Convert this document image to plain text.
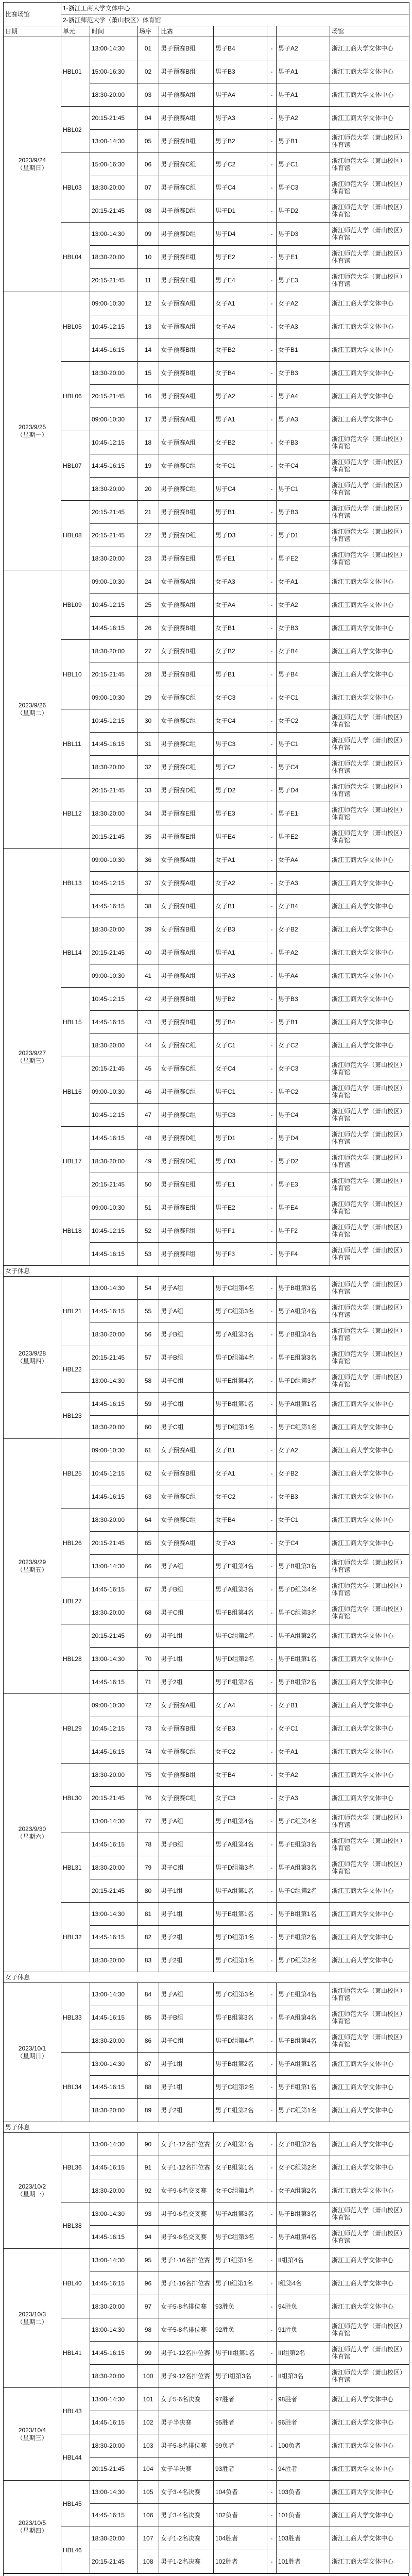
比赛场馆	1-浙江工商大学文体中心							
	2-浙江师范大学（萧山校区）体育馆							
日期	单元	时间	场序	比赛				场馆

2023/9/24
（星期日）	HBL01	13:00-14:30	01	男子预赛B组	男子B4	-	男子A2	浙江工商大学文体中心
		15:00-16:30	02	男子预赛B组	男子B3	-	男子A1	浙江工商大学文体中心
		18:30-20:00	03	男子预赛A组	男子A4	-	男子A1	浙江工商大学文体中心
	HBL02	20:15-21:45	04	男子预赛A组	男子A3	-	男子A2	浙江工商大学文体中心
		13:00-14:30	05	男子预赛B组	男子B2	-	男子B1	浙江师范大学（萧山校区）体育馆
	HBL03	15:00-16:30	06	男子预赛C组	男子C2	-	男子C1	浙江师范大学（萧山校区）体育馆
		18:30-20:00	07	男子预赛C组	男子C4	-	男子C3	浙江师范大学（萧山校区）体育馆
		20:15-21:45	08	男子预赛D组	男子D1	-	男子D2	浙江师范大学（萧山校区）体育馆
	HBL04	13:00-14:30	09	男子预赛D组	男子D4	-	男子D3	浙江师范大学（萧山校区）体育馆
		18:30-20:00	10	男子预赛E组	男子E2	-	男子E1	浙江师范大学（萧山校区）体育馆
		20:15-21:45	11	男子预赛E组	男子E4	-	男子E3	浙江师范大学（萧山校区）体育馆

2023/9/25
（星期一）	HBL05	09:00-10:30	12	女子预赛A组	女子A1	-	女子A2	浙江工商大学文体中心
		10:45-12:15	13	女子预赛A组	女子A4	-	女子A3	浙江工商大学文体中心
		14:45-16:15	14	女子预赛B组	女子B2	-	女子B1	浙江工商大学文体中心
	HBL06	18:30-20:00	15	女子预赛B组	女子B4	-	女子B3	浙江工商大学文体中心
		20:15-21:45	16	男子预赛A组	男子A2	-	男子A4	浙江工商大学文体中心
		09:00-10:30	17	男子预赛A组	男子A1	-	男子A3	浙江工商大学文体中心
	HBL07	10:45-12:15	18	女子预赛A组	女子B2	-	女子B3	浙江师范大学（萧山校区）体育馆
		14:45-16:15	19	女子预赛C组	女子C1	-	女子C4	浙江师范大学（萧山校区）体育馆
		18:30-20:00	20	男子预赛C组	男子C4	-	男子C1	浙江师范大学（萧山校区）体育馆
	HBL08	20:15-21:45	21	男子预赛B组	男子B1	-	男子B3	浙江师范大学（萧山校区）体育馆
		20:15-21:45	22	男子预赛D组	男子D3	-	男子D1	浙江师范大学（萧山校区）体育馆
		18:30-20:00	23	男子预赛E组	男子E1	-	男子E2	浙江师范大学（萧山校区）体育馆

2023/9/26
（星期二）	HBL09	09:00-10:30	24	女子预赛A组	女子A3	-	女子A1	浙江工商大学文体中心
		10:45-12:15	25	女子预赛A组	女子A4	-	女子A2	浙江工商大学文体中心
		14:45-16:15	26	女子预赛B组	女子B1	-	女子B3	浙江工商大学文体中心
	HBL10	18:30-20:00	27	女子预赛B组	女子B2	-	女子B4	浙江工商大学文体中心
		20:15-21:45	28	男子预赛B组	男子B1	-	男子B4	浙江工商大学文体中心
		09:00-10:30	29	女子预赛C组	女子C3	-	女子C1	浙江工商大学文体中心
	HBL11	10:45-12:15	30	女子预赛C组	女子C4	-	女子C2	浙江师范大学（萧山校区）体育馆
		14:45-16:15	31	男子预赛C组	男子C3	-	男子C1	浙江师范大学（萧山校区）体育馆
		18:30-20:00	32	男子预赛C组	男子C2	-	男子C4	浙江师范大学（萧山校区）体育馆
	HBL12	20:15-21:45	33	男子预赛D组	男子D2	-	男子D4	浙江师范大学（萧山校区）体育馆
		18:30-20:00	34	男子预赛E组	男子E3	-	男子E1	浙江师范大学（萧山校区）体育馆
		20:15-21:45	35	男子预赛E组	男子E4	-	男子E2	浙江师范大学（萧山校区）体育馆

2023/9/27
（星期三）	HBL13	09:00-10:30	36	女子预赛A组	女子A1	-	女子A4	浙江工商大学文体中心
		10:45-12:15	37	女子预赛A组	女子A2	-	女子A3	浙江工商大学文体中心
		14:45-16:15	38	女子预赛B组	女子B1	-	女子B4	浙江工商大学文体中心
	HBL14	18:30-20:00	39	女子预赛B组	女子B3	-	女子B2	浙江工商大学文体中心
		20:15-21:45	40	男子预赛A组	男子A1	-	男子A2	浙江工商大学文体中心
		09:00-10:30	41	男子预赛A组	男子A3	-	男子A4	浙江工商大学文体中心
	HBL15	10:45-12:15	42	男子预赛B组	男子B2	-	男子B3	浙江工商大学文体中心
		14:45-16:15	43	男子预赛B组	男子B4	-	男子B1	浙江工商大学文体中心
		18:30-20:00	44	女子预赛C组	女子C1	-	女子C2	浙江工商大学文体中心
	HBL16	20:15-21:45	45	女子预赛C组	女子C4	-	女子C3	浙江师范大学（萧山校区）体育馆
		09:00-10:30	46	男子预赛C组	男子C1	-	男子C2	浙江师范大学（萧山校区）体育馆
		10:45-12:15	47	男子预赛C组	男子C3	-	男子C4	浙江师范大学（萧山校区）体育馆
	HBL17	14:45-16:15	48	男子预赛D组	男子D1	-	男子D4	浙江师范大学（萧山校区）体育馆
		18:30-20:00	49	男子预赛D组	男子D3	-	男子D2	浙江师范大学（萧山校区）体育馆
		20:15-21:45	50	男子预赛E组	男子E1	-	男子E3	浙江师范大学（萧山校区）体育馆
	HBL18	09:00-10:30	51	男子预赛E组	男子E2	-	男子E4	浙江师范大学（萧山校区）体育馆
		10:45-12:15	52	男子预赛F组	男子F1	-	男子F2	浙江师范大学（萧山校区）体育馆
		14:45-16:15	53	男子预赛F组	男子F3	-	男子F4	浙江师范大学（萧山校区）体育馆
女子休息								

2023/9/28
（星期四）	HBL21	13:00-14:30	54	男子A组	男子C组第4名	-	男子B组第3名	浙江师范大学（萧山校区）体育馆
		14:45-16:15	55	男子A组	男子C组第3名	-	男子A组第4名	浙江师范大学（萧山校区）体育馆
		18:30-20:00	56	男子B组	男子A组第3名	-	男子B组第4名	浙江师范大学（萧山校区）体育馆
	HBL22	20:15-21:45	57	男子B组	男子D组第4名	-	男子E组第3名	浙江师范大学（萧山校区）体育馆
		13:00-14:30	58	男子C组	男子E组第4名	-	男子D组第3名	浙江师范大学（萧山校区）体育馆
	HBL23	14:45-16:15	59	男子C组	男子B组第1名	-	男子A组第1名	浙江工商大学文体中心
		18:30-20:00	60	男子C组	男子D组第1名	-	男子C组第1名	浙江工商大学文体中心

2023/9/29
（星期五）	HBL25	09:00-10:30	61	女子预赛A组	女子B1	-	女子A2	浙江工商大学文体中心
		10:45-12:15	62	女子预赛B组	女子A1	-	女子B2	浙江工商大学文体中心
		14:45-16:15	63	女子预赛C组	女子C2	-	女子B3	浙江工商大学文体中心
	HBL26	18:30-20:00	64	女子预赛C组	女子B4	-	女子C1	浙江工商大学文体中心
		20:15-21:45	65	女子预赛A组	女子A3	-	女子C4	浙江工商大学文体中心
		13:00-14:30	66	男子A组	男子E组第4名	-	男子B组第3名	浙江师范大学（萧山校区）体育馆
	HBL27	14:45-16:15	67	男子B组	男子A组第3名	-	男子D组第4名	浙江师范大学（萧山校区）体育馆
		18:30-20:00	68	男子C组	男子B组第4名	-	男子C组第3名	浙江师范大学（萧山校区）体育馆
	HBL28	20:15-21:45	69	男子1组	男子C组第2名	-	男子A组第2名	浙江工商大学文体中心
		13:00-14:30	70	男子1组	男子D组第2名	-	男子E组第1名	浙江工商大学文体中心
		14:45-16:15	71	男子2组	男子E组第2名	-	男子B组第2名	浙江工商大学文体中心

2023/9/30
（星期六）	HBL29	09:00-10:30	72	女子预赛A组	女子A4	-	女子B1	浙江工商大学文体中心
		10:45-12:15	73	女子预赛B组	女子B3	-	女子C1	浙江工商大学文体中心
		14:45-16:15	74	女子预赛C组	女子C2	-	女子A1	浙江工商大学文体中心
	HBL30	18:30-20:00	75	女子预赛B组	女子B4	-	女子A2	浙江工商大学文体中心
		20:15-21:45	76	女子预赛C组	女子C3	-	女子A3	浙江工商大学文体中心
		13:00-14:30	77	男子A组	男子B组第4名	-	男子C组第4名	浙江师范大学（萧山校区）体育馆
	HBL31	14:45-16:15	78	男子B组	男子A组第4名	-	男子E组第3名	浙江师范大学（萧山校区）体育馆
		18:30-20:00	79	男子C组	男子D组第3名	-	男子A组第3名	浙江师范大学（萧山校区）体育馆
		20:15-21:45	80	男子1组	男子A组第1名	-	男子C组第2名	浙江工商大学文体中心
	HBL32	13:00-14:30	81	男子1组	男子E组第1名	-	男子B组第1名	浙江工商大学文体中心
		14:45-16:15	82	男子2组	男子D组第1名	-	男子E组第2名	浙江工商大学文体中心
		18:30-20:00	83	男子2组	男子C组第1名	-	男子D组第2名	浙江工商大学文体中心
女子休息								

2023/10/1
（星期日）	HBL33	13:00-14:30	84	男子A组	男子C组第3名	-	男子E组第4名	浙江师范大学（萧山校区）体育馆
		14:45-16:15	85	男子B组	男子B组第3名	-	男子A组第4名	浙江师范大学（萧山校区）体育馆
		18:30-20:00	86	男子C组	男子D组第4名	-	男子B组第4名	浙江师范大学（萧山校区）体育馆
	HBL34	13:00-14:30	87	男子1组	男子B组第2名	-	男子A组第1名	浙江工商大学文体中心
		14:45-16:15	88	男子1组	男子C组第2名	-	男子E组第1名	浙江工商大学文体中心
		18:30-20:00	89	男子2组	男子E组第2名	-	男子C组第1名	浙江工商大学文体中心
男子休息								

2023/10/2
（星期一）	HBL36	13:00-14:30	90	女子1-12名排位赛	女子A组第1名	-	女子B组第2名	浙江工商大学文体中心
		14:45-16:15	91	女子1-12名排位赛	女子B组第1名	-	女子C组第2名	浙江工商大学文体中心
		18:30-20:00	92	女子9-6名交叉赛	女子C组第1名	-	女子A组第2名	浙江工商大学文体中心
	HBL38	13:00-14:30	93	男子9-6名交叉赛	男子A组第3名	-	男子B组第3名	浙江师范大学（萧山校区）体育馆
		14:45-16:15	94	男子9-6名交叉赛	男子C组第3名	-	男子A组第4名	浙江师范大学（萧山校区）体育馆

2023/10/3
（星期二）	HBL40	13:00-14:30	95	男子1-16名排位赛	男子1组第1名	-	II组第4名	浙江工商大学文体中心
		14:45-16:15	96	男子1-16名排位赛	男子II组第1名	-	I组第4名	浙江工商大学文体中心
		18:30-20:00	97	女子5-8名排位赛	93胜负	-	94胜负	浙江工商大学文体中心
	HBL41	13:00-14:30	98	女子5-8名排位赛	92胜负	-	91胜负	浙江师范大学（萧山校区）体育馆
		14:45-16:15	99	男子1-12名排位赛	男子III组第1名	-	III组第2名	浙江师范大学（萧山校区）体育馆
		18:30-20:00	100	男子9-12名排位赛	男子I组第3名	-	II组第3名	浙江师范大学（萧山校区）体育馆

2023/10/4
（星期三）	HBL43	13:00-14:30	101	女子5-6名决赛	97胜者	-	98胜者	浙江工商大学文体中心
		14:45-16:15	102	男子半决赛	95胜者	-	96胜者	浙江工商大学文体中心
	HBL44	18:30-20:00	103	男子5-8名排位赛	99负者	-	100负者	浙江工商大学文体中心
		20:15-21:45	104	女子半决赛	93胜者	-	94胜者	浙江工商大学文体中心

2023/10/5
（星期四）	HBL45	13:00-14:30	105	女子3-4名决赛	104负者	-	103负者	浙江工商大学文体中心
		14:45-16:15	106	男子3-4名决赛	102负者	-	101负者	浙江工商大学文体中心
	HBL46	18:30-20:00	107	女子1-2名决赛	104胜者	-	103胜者	浙江工商大学文体中心
		20:15-21:45	108	男子1-2名决赛	102胜者	-	101胜者	浙江工商大学文体中心
